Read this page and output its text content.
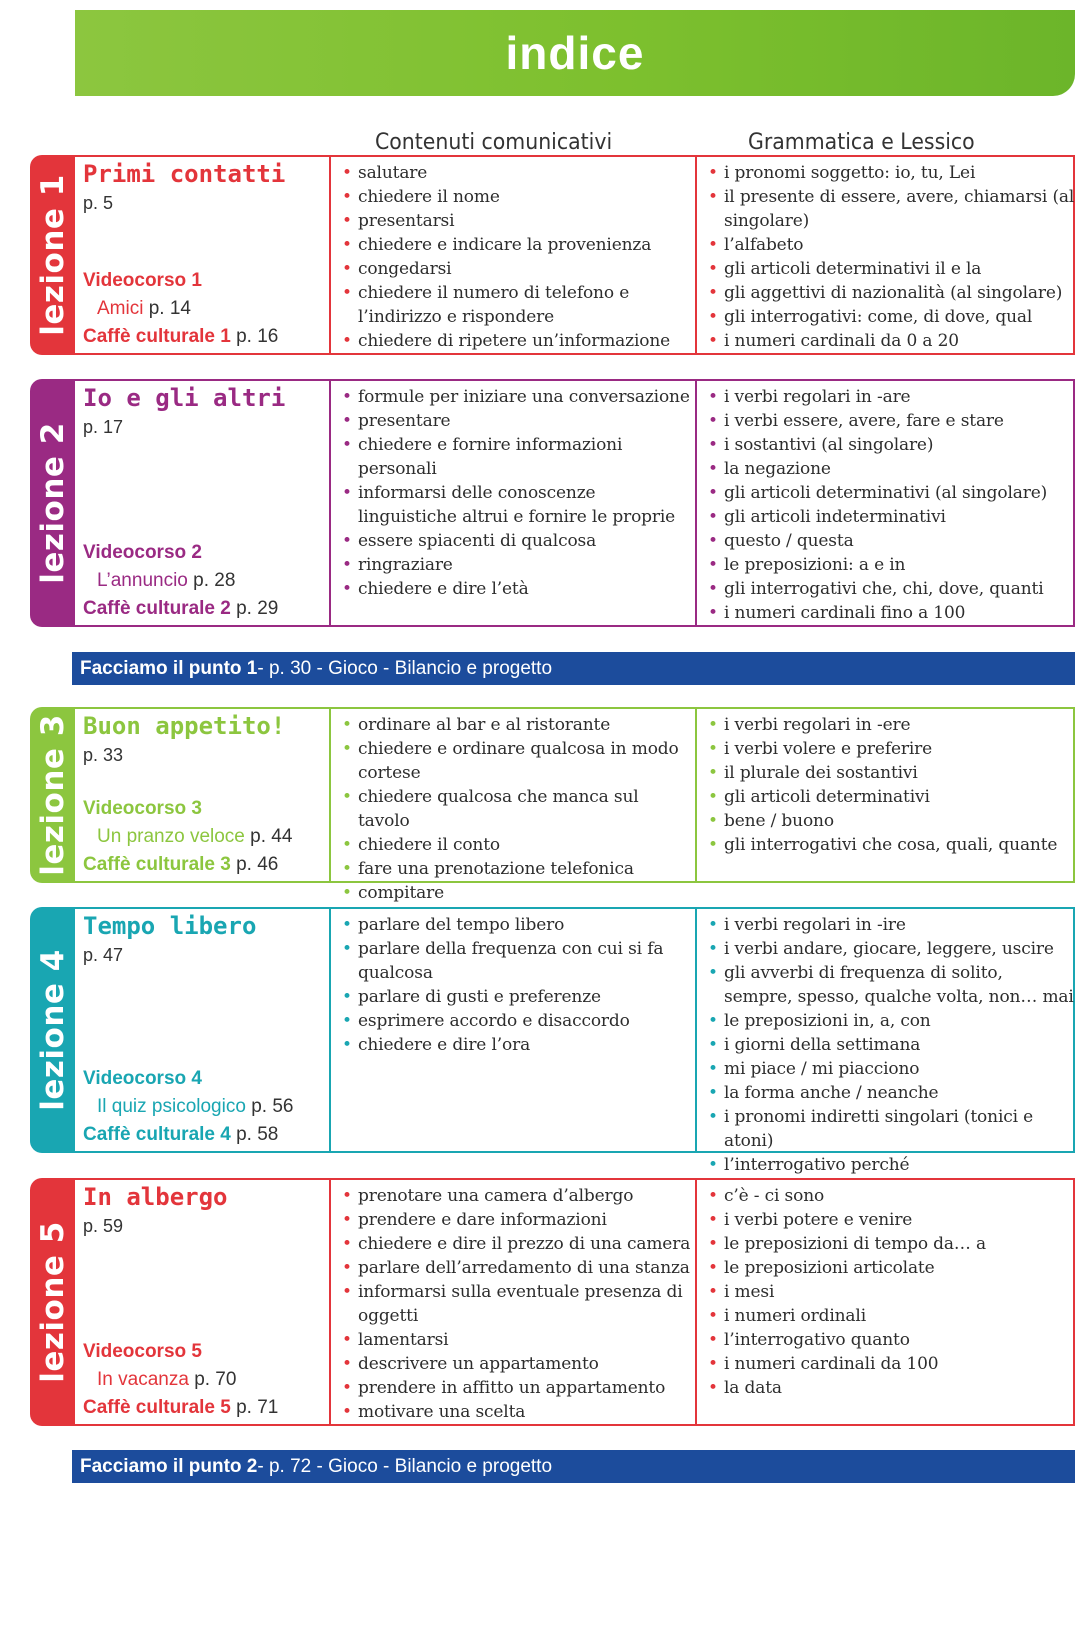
indice
Contenuti comunicativi	Grammatica e Lessico
lezione 1
Primi contatti
p. 5
Videocorso 1
Amici p. 14
Caffè culturale 1 p. 16
• salutare
• chiedere il nome
• presentarsi
• chiedere e indicare la provenienza
• congedarsi
• chiedere il numero di telefono e l’indirizzo e rispondere
• chiedere di ripetere un’informazione
• i pronomi soggetto: io, tu, Lei
• il presente di essere, avere, chiamarsi (al singolare)
• l’alfabeto
• gli articoli determinativi il e la
• gli aggettivi di nazionalità (al singolare)
• gli interrogativi: come, di dove, qual
• i numeri cardinali da 0 a 20
lezione 2
Io e gli altri
p. 17
Videocorso 2
L’annuncio p. 28
Caffè culturale 2 p. 29
• formule per iniziare una conversazione
• presentare
• chiedere e fornire informazioni personali
• informarsi delle conoscenze linguistiche altrui e fornire le proprie
• essere spiacenti di qualcosa
• ringraziare
• chiedere e dire l’età
• i verbi regolari in -are
• i verbi essere, avere, fare e stare
• i sostantivi (al singolare)
• la negazione
• gli articoli determinativi (al singolare)
• gli articoli indeterminativi
• questo / questa
• le preposizioni: a e in
• gli interrogativi che, chi, dove, quanti
• i numeri cardinali fino a 100
Facciamo il punto 1 - p. 30 - Gioco - Bilancio e progetto
lezione 3 Buon appetito!
p. 33
Videocorso 3
Un pranzo veloce p. 44
Caffè culturale 3 p. 46
• ordinare al bar e al ristorante
• chiedere e ordinare qualcosa in modo cortese
• chiedere qualcosa che manca sul tavolo
• chiedere il conto
• fare una prenotazione telefonica
• compitare
• i verbi regolari in -ere
• i verbi volere e preferire
• il plurale dei sostantivi
• gli articoli determinativi
• bene / buono
• gli interrogativi che cosa, quali, quante
lezione 4
Tempo libero
p. 47
Videocorso 4
Il quiz psicologico p. 56
Caffè culturale 4 p. 58
• parlare del tempo libero
• parlare della frequenza con cui si fa qualcosa
• parlare di gusti e preferenze
• esprimere accordo e disaccordo
• chiedere e dire l’ora
• i verbi regolari in -ire
• i verbi andare, giocare, leggere, uscire
• gli avverbi di frequenza di solito, sempre, spesso, qualche volta, non… mai
• le preposizioni in, a, con
• i giorni della settimana
• mi piace / mi piacciono
• la forma anche / neanche
• i pronomi indiretti singolari (tonici e atoni)
• l’interrogativo perché
lezione 5
In albergo
p. 59
Videocorso 5
In vacanza p. 70
Caffè culturale 5 p. 71
• prenotare una camera d’albergo
• prendere e dare informazioni
• chiedere e dire il prezzo di una camera
• parlare dell’arredamento di una stanza
• informarsi sulla eventuale presenza di oggetti
• lamentarsi
• descrivere un appartamento
• prendere in affitto un appartamento
• motivare una scelta
• c’è - ci sono
• i verbi potere e venire
• le preposizioni di tempo da… a
• le preposizioni articolate
• i mesi
• i numeri ordinali
• l’interrogativo quanto
• i numeri cardinali da 100
• la data
Facciamo il punto 2 - p. 72 - Gioco - Bilancio e progetto
